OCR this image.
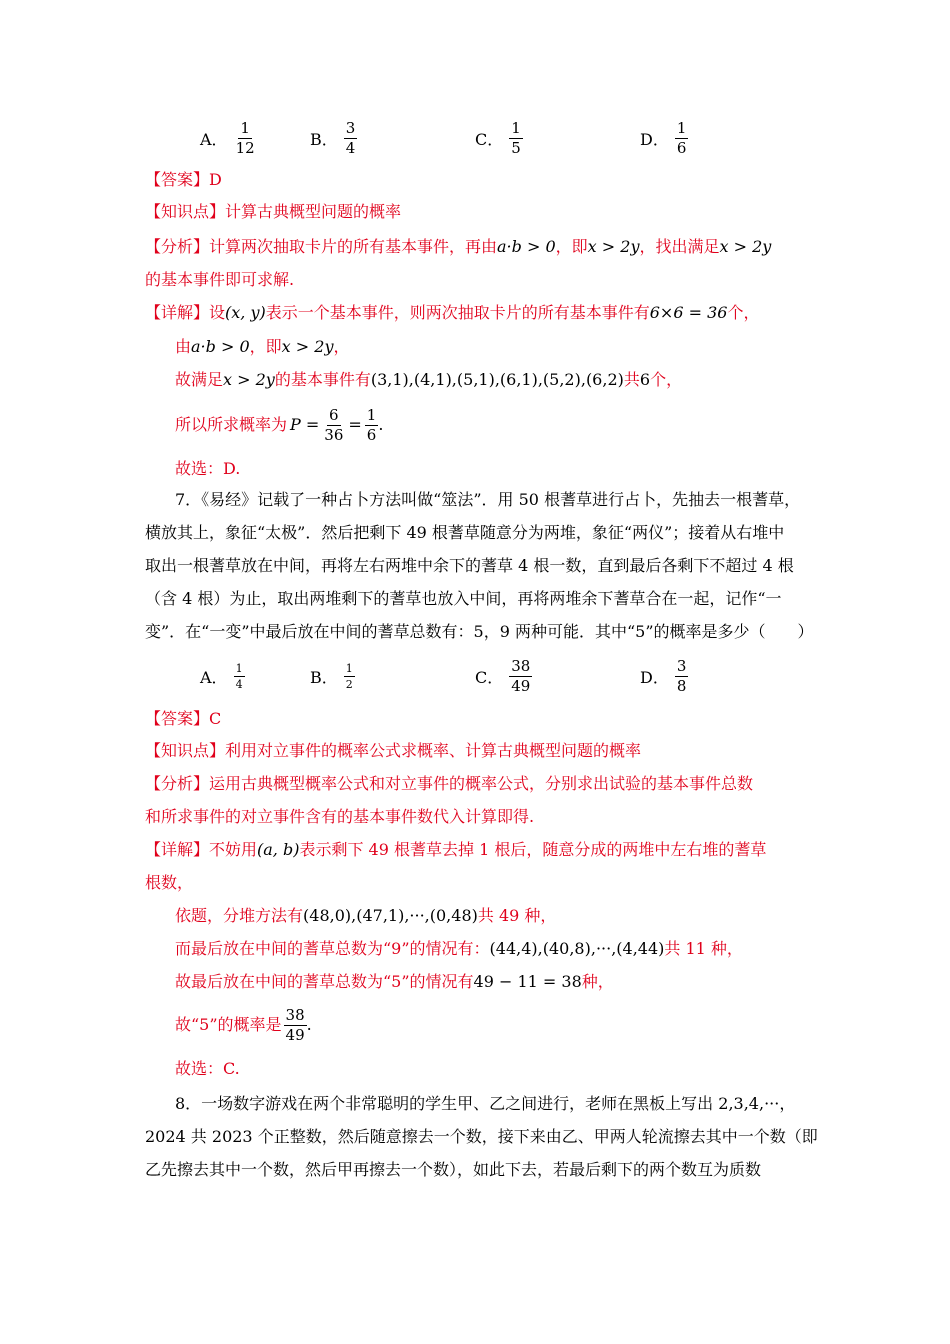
A． $\frac{1}{12}$	B． $\frac{3}{4}$	C． $\frac{1}{5}$	D． $\frac{1}{6}$
【答案】D
【知识点】计算古典概型问题的概率
【分析】计算两次抽取卡片的所有基本事件，再由a·b > 0，即x > 2y，找出满足x > 2y
的基本事件即可求解.
【详解】设(x, y)表示一个基本事件，则两次抽取卡片的所有基本事件有6×6 = 36个，
由a·b > 0，即x > 2y，
故满足x > 2y的基本事件有(3,1),(4,1),(5,1),(6,1),(5,2),(6,2)共6个，
所以所求概率为 $P = \frac{6}{36} = \frac{1}{6}$ .
故选：D.
7．《易经》记载了一种占卜方法叫做“筮法”．用 50 根蓍草进行占卜，先抽去一根蓍草，
横放其上，象征“太极”．然后把剩下 49 根蓍草随意分为两堆，象征“两仪”；接着从右堆中
取出一根蓍草放在中间，再将左右两堆中余下的蓍草 4 根一数，直到最后各剩下不超过 4 根
（含 4 根）为止，取出两堆剩下的蓍草也放入中间，再将两堆余下蓍草合在一起，记作“一
变”．在“一变”中最后放在中间的蓍草总数有：5，9 两种可能．其中“5”的概率是多少（　　）
A． $\frac{1}{4}$	B． $\frac{1}{2}$	C． $\frac{38}{49}$	D． $\frac{3}{8}$
【答案】C
【知识点】利用对立事件的概率公式求概率、计算古典概型问题的概率
【分析】运用古典概型概率公式和对立事件的概率公式，分别求出试验的基本事件总数
和所求事件的对立事件含有的基本事件数代入计算即得.
【详解】不妨用(a, b)表示剩下 49 根蓍草去掉 1 根后，随意分成的两堆中左右堆的蓍草
根数，
依题，分堆方法有(48,0),(47,1),···,(0,48)共 49 种，
而最后放在中间的蓍草总数为“9”的情况有：(44,4),(40,8),···,(4,44)共 11 种，
故最后放在中间的蓍草总数为“5”的情况有49 − 11 = 38种，
故“5”的概率是 $\frac{38}{49}$ .
故选：C.
8．一场数字游戏在两个非常聪明的学生甲、乙之间进行，老师在黑板上写出 2,3,4,···，
2024 共 2023 个正整数，然后随意擦去一个数，接下来由乙、甲两人轮流擦去其中一个数（即
乙先擦去其中一个数，然后甲再擦去一个数），如此下去，若最后剩下的两个数互为质数
